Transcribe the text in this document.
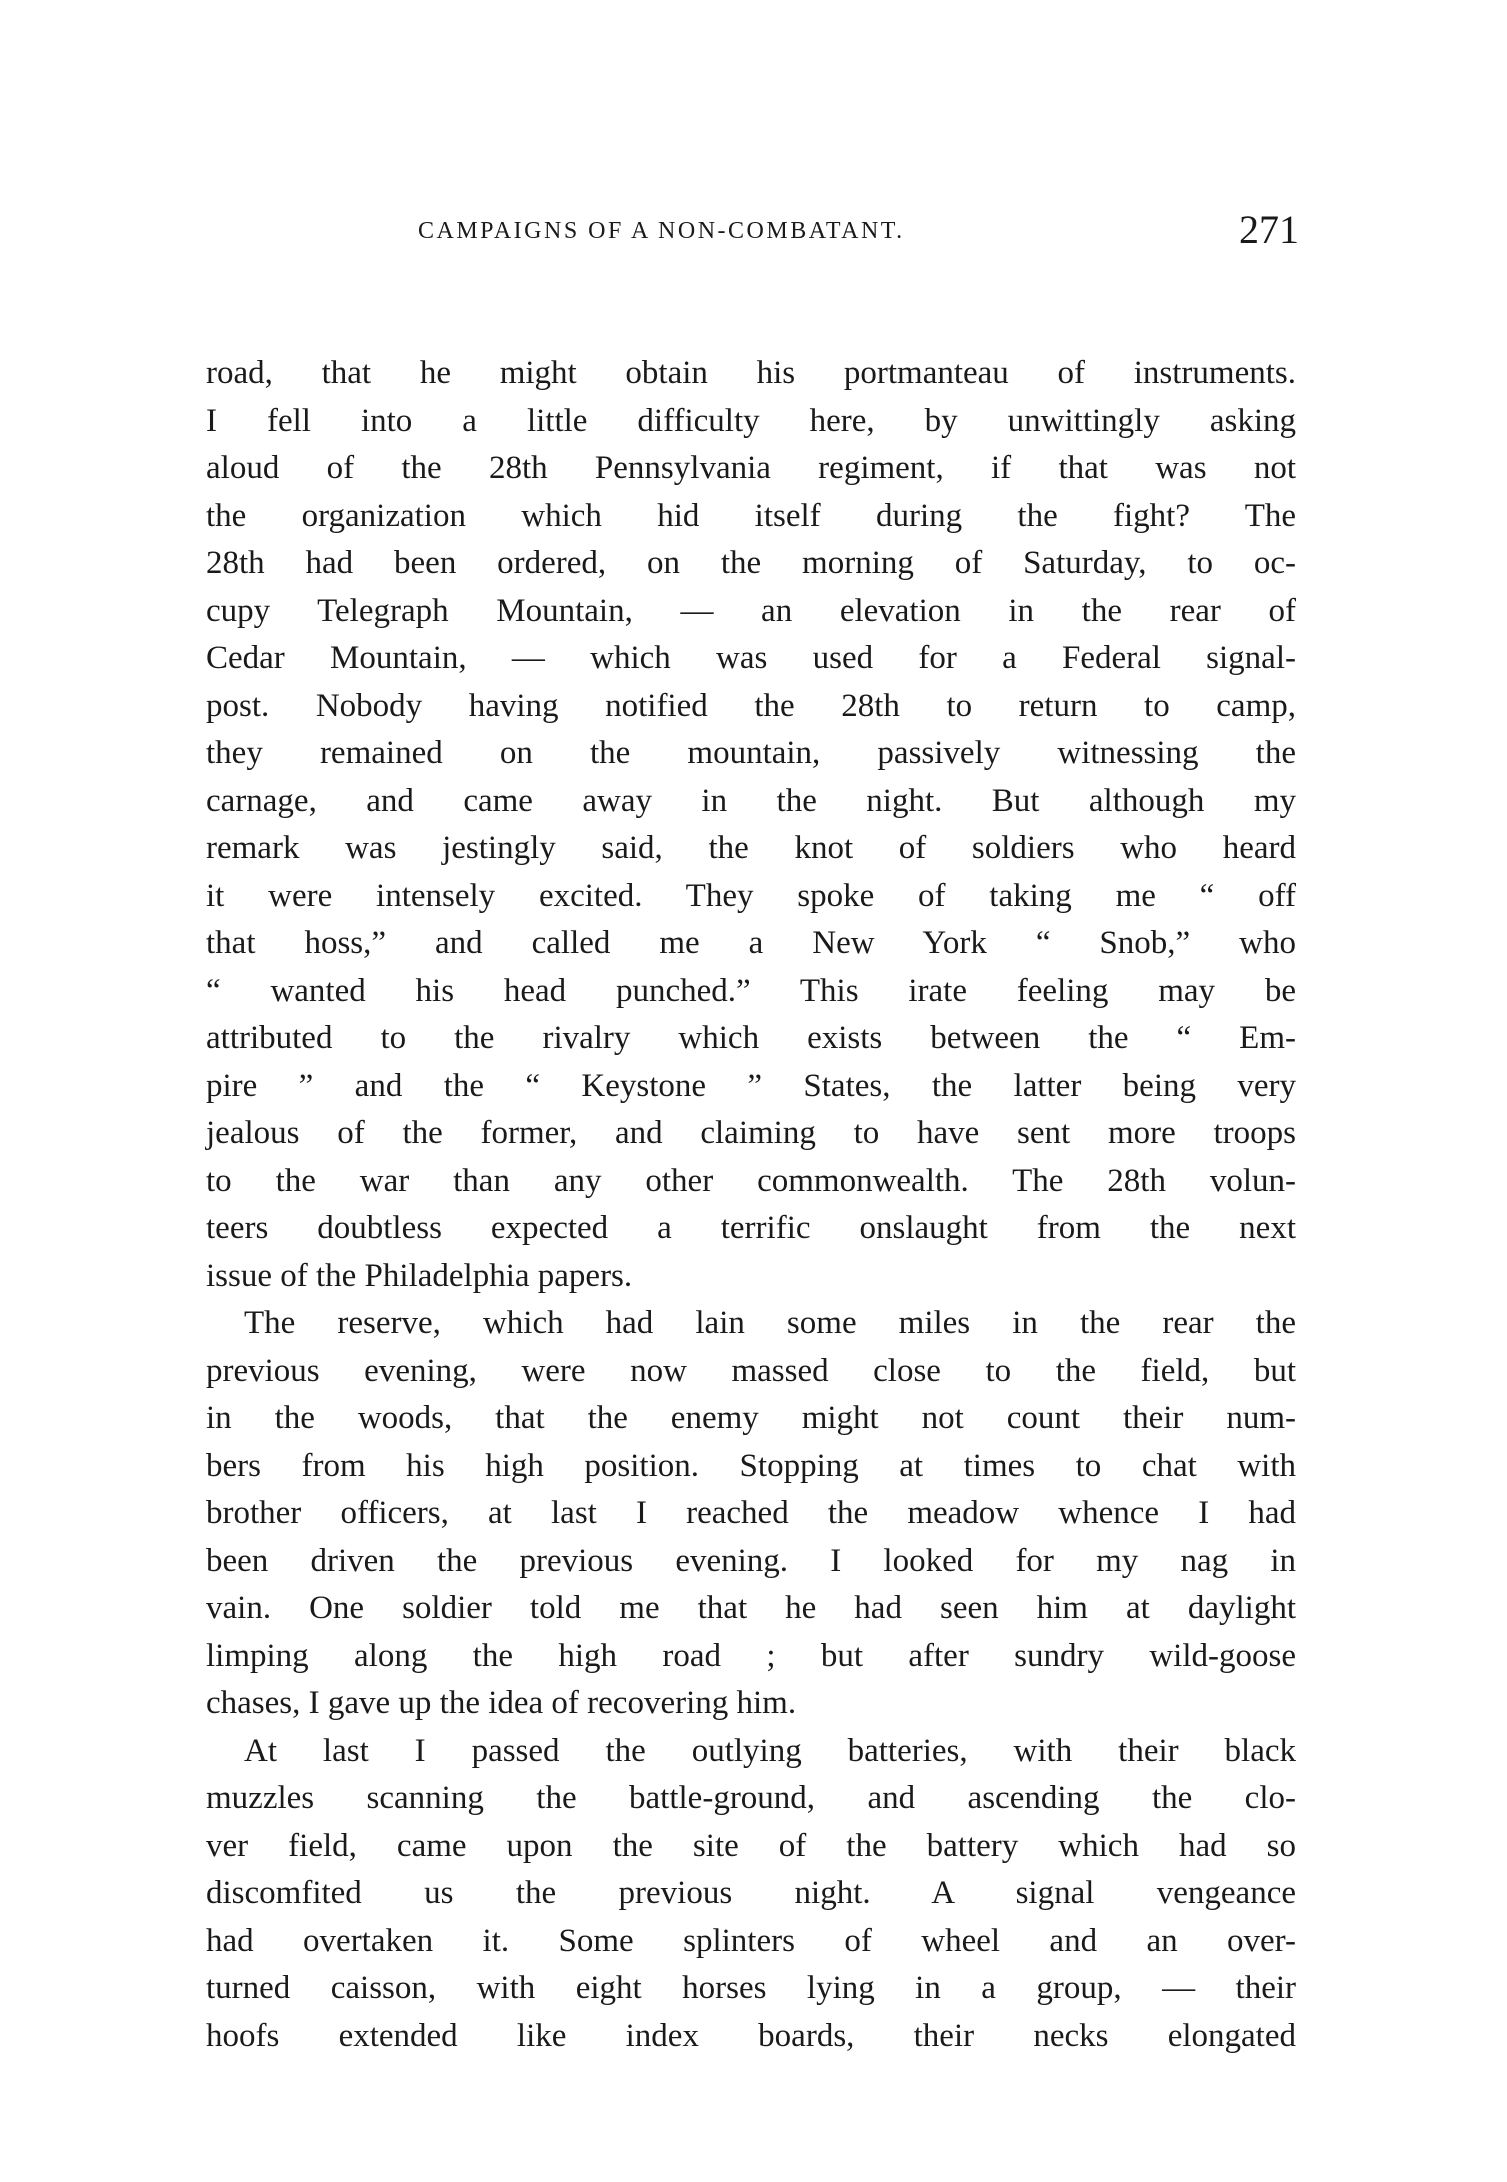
CAMPAIGNS OF A NON-COMBATANT.	271
road, that he might obtain his portmanteau of instruments.
I fell into a little difficulty here, by unwittingly asking
aloud of the 28th Pennsylvania regiment, if that was not
the organization which hid itself during the fight? The
28th had been ordered, on the morning of Saturday, to oc-
cupy Telegraph Mountain, — an elevation in the rear of
Cedar Mountain, — which was used for a Federal signal-
post. Nobody having notified the 28th to return to camp,
they remained on the mountain, passively witnessing the
carnage, and came away in the night. But although my
remark was jestingly said, the knot of soldiers who heard
it were intensely excited. They spoke of taking me “ off
that hoss,” and called me a New York “ Snob,” who
“ wanted his head punched.” This irate feeling may be
attributed to the rivalry which exists between the “ Em-
pire ” and the “ Keystone ” States, the latter being very
jealous of the former, and claiming to have sent more troops
to the war than any other commonwealth. The 28th volun-
teers doubtless expected a terrific onslaught from the next
issue of the Philadelphia papers.
The reserve, which had lain some miles in the rear the
previous evening, were now massed close to the field, but
in the woods, that the enemy might not count their num-
bers from his high position. Stopping at times to chat with
brother officers, at last I reached the meadow whence I had
been driven the previous evening. I looked for my nag in
vain. One soldier told me that he had seen him at daylight
limping along the high road ; but after sundry wild-goose
chases, I gave up the idea of recovering him.
At last I passed the outlying batteries, with their black
muzzles scanning the battle-ground, and ascending the clo-
ver field, came upon the site of the battery which had so
discomfited us the previous night. A signal vengeance
had overtaken it. Some splinters of wheel and an over-
turned caisson, with eight horses lying in a group, — their
hoofs extended like index boards, their necks elongated
